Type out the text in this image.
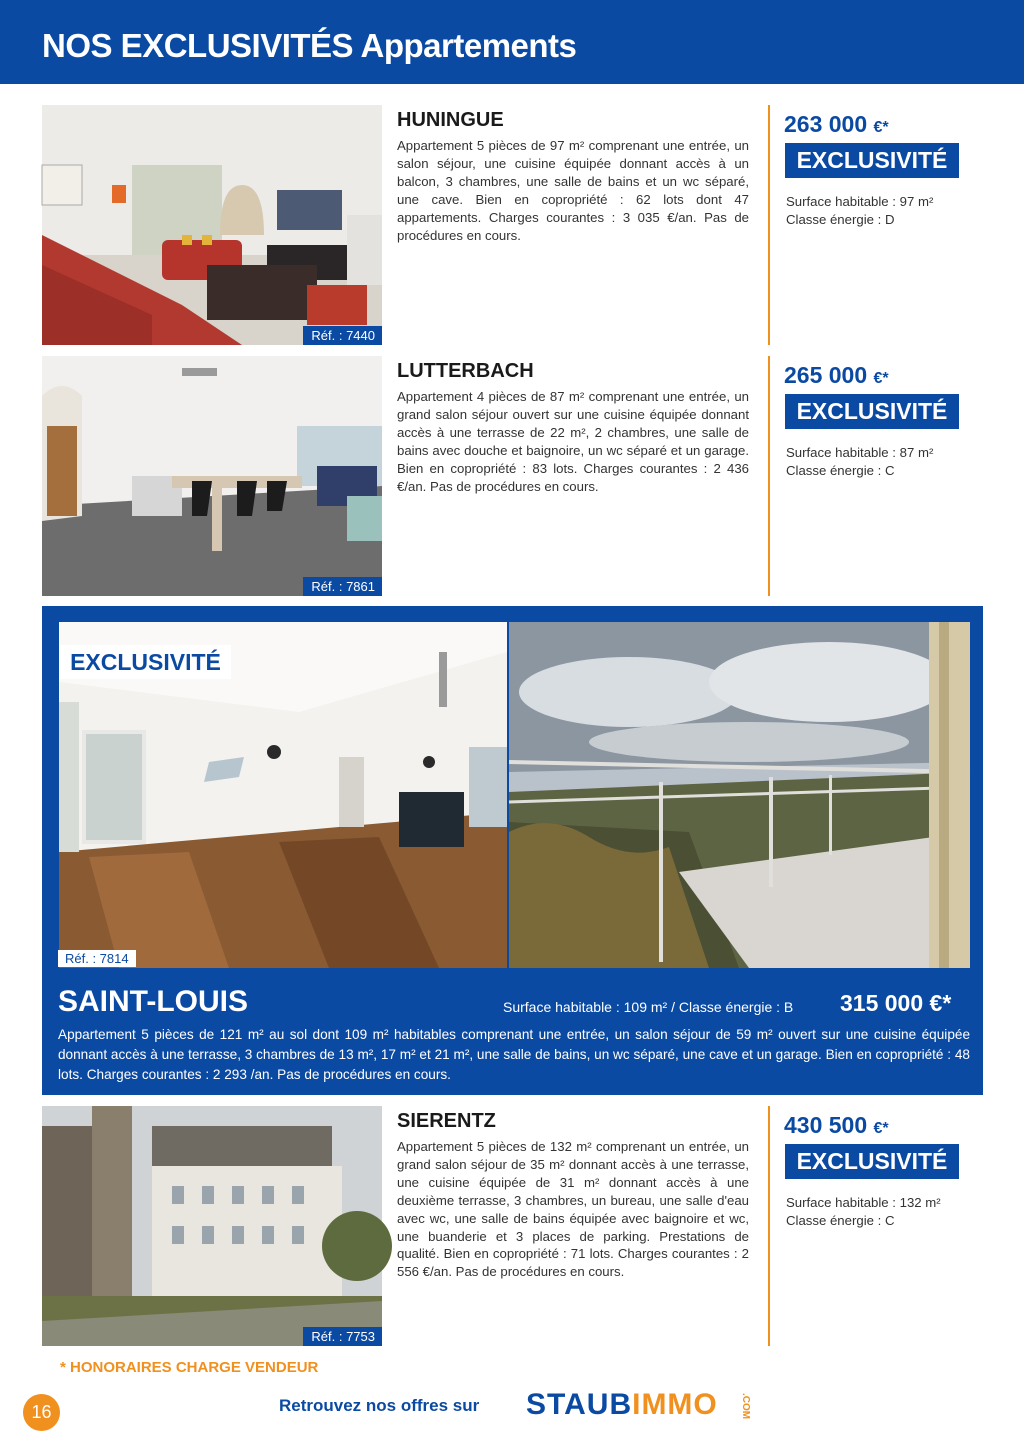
NOS EXCLUSIVITÉS Appartements
Réf. : 7440
HUNINGUE
Appartement 5 pièces de 97 m² comprenant une entrée, un salon séjour, une cuisine équipée donnant accès à un balcon, 3 chambres, une salle de bains et un wc séparé, une cave. Bien en copropriété : 62 lots dont 47 appartements. Charges courantes : 3 035 €/an. Pas de procédures en cours.
263 000 €*
EXCLUSIVITÉ
Surface habitable : 97 m²
Classe énergie : D
Réf. : 7861
LUTTERBACH
Appartement 4 pièces de 87 m² comprenant une entrée, un grand salon séjour ouvert sur une cuisine équipée donnant accès à une terrasse de 22 m², 2 chambres, une salle de bains avec douche et baignoire, un wc séparé et un garage. Bien en copropriété : 83 lots. Charges courantes : 2 436 €/an. Pas de procédures en cours.
265 000 €*
EXCLUSIVITÉ
Surface habitable : 87 m²
Classe énergie : C
EXCLUSIVITÉ
Réf. : 7814
SAINT-LOUIS	Surface habitable : 109 m² / Classe énergie : B 315 000 €*
Appartement 5 pièces de 121 m² au sol dont 109 m² habitables comprenant une entrée, un salon séjour de 59 m² ouvert sur une cuisine équipée donnant accès à une terrasse, 3 chambres de 13 m², 17 m² et 21 m², une salle de bains, un wc séparé, une cave et un garage. Bien en copropriété : 48 lots. Charges courantes : 2 293 /an. Pas de procédures en cours.
Réf. : 7753
SIERENTZ
Appartement 5 pièces de 132 m² comprenant un entrée, un grand salon séjour de 35 m² donnant accès à une terrasse, une cuisine équipée de 31 m² donnant accès à une deuxième terrasse, 3 chambres, un bureau, une salle d'eau avec wc, une salle de bains équipée avec baignoire et wc, une buanderie et 3 places de parking. Prestations de qualité. Bien en copropriété : 71 lots. Charges courantes : 2 556 €/an. Pas de procédures en cours.
430 500 €*
EXCLUSIVITÉ
Surface habitable : 132 m²
Classe énergie : C
* HONORAIRES CHARGE VENDEUR
16	Retrouvez nos offres sur STAUBIMMO .COM
